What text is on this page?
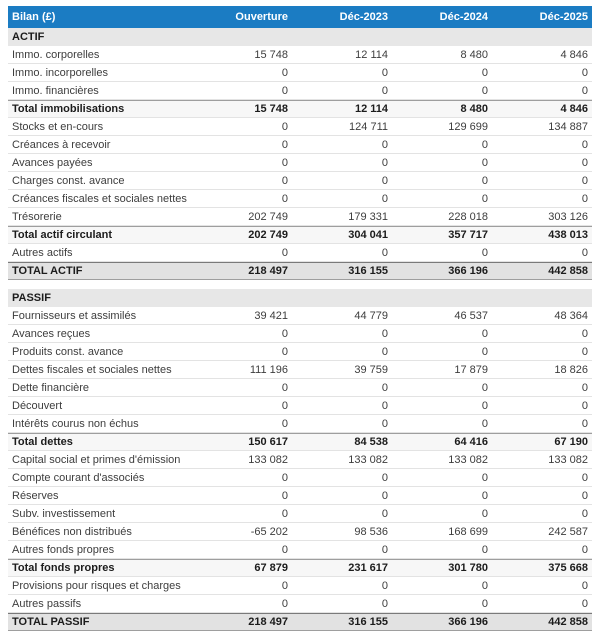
Bilan (£)	Ouverture	Déc-2023	Déc-2024	Déc-2025
ACTIF
Immo. corporelles	15 748	12 114	8 480	4 846
Immo. incorporelles	0	0	0	0
Immo. financières	0	0	0	0
Total immobilisations	15 748	12 114	8 480	4 846
Stocks et en-cours	0	124 711	129 699	134 887
Créances à recevoir	0	0	0	0
Avances payées	0	0	0	0
Charges const. avance	0	0	0	0
Créances fiscales et sociales nettes	0	0	0	0
Trésorerie	202 749	179 331	228 018	303 126
Total actif circulant	202 749	304 041	357 717	438 013
Autres actifs	0	0	0	0
TOTAL ACTIF	218 497	316 155	366 196	442 858
PASSIF
Fournisseurs et assimilés	39 421	44 779	46 537	48 364
Avances reçues	0	0	0	0
Produits const. avance	0	0	0	0
Dettes fiscales et sociales nettes	111 196	39 759	17 879	18 826
Dette financière	0	0	0	0
Découvert	0	0	0	0
Intérêts courus non échus	0	0	0	0
Total dettes	150 617	84 538	64 416	67 190
Capital social et primes d'émission	133 082	133 082	133 082	133 082
Compte courant d'associés	0	0	0	0
Réserves	0	0	0	0
Subv. investissement	0	0	0	0
Bénéfices non distribués	-65 202	98 536	168 699	242 587
Autres fonds propres	0	0	0	0
Total fonds propres	67 879	231 617	301 780	375 668
Provisions pour risques et charges	0	0	0	0
Autres passifs	0	0	0	0
TOTAL PASSIF	218 497	316 155	366 196	442 858
